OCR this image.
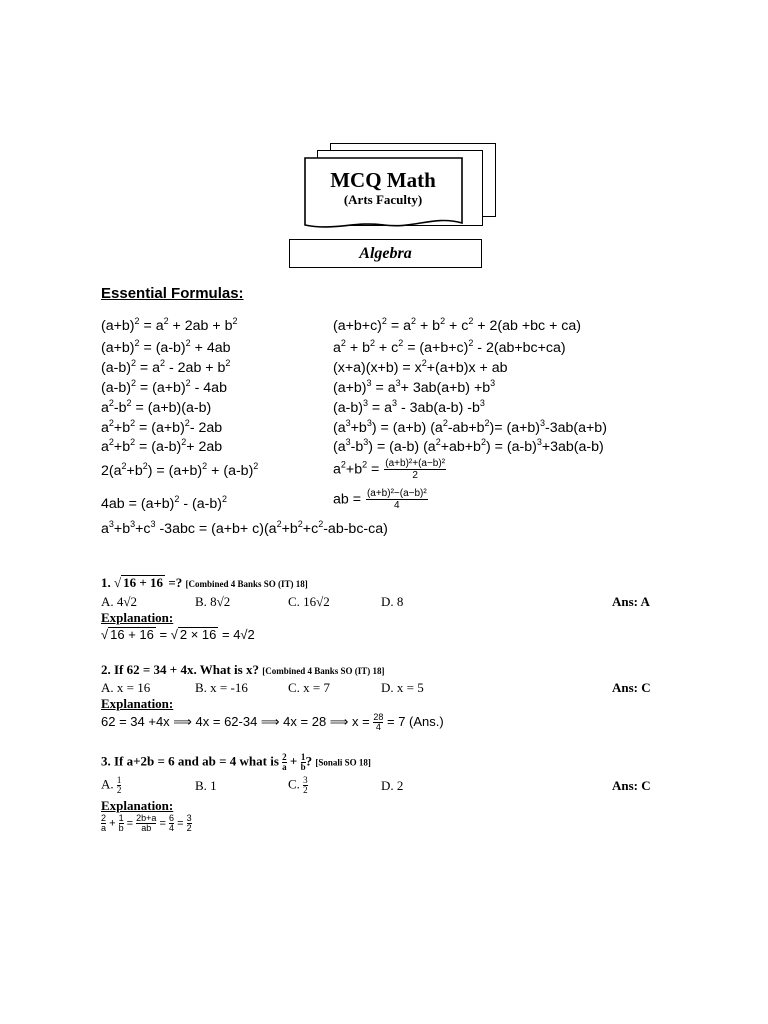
MCQ Math
(Arts Faculty)
Algebra
Essential Formulas:
$(a+b)^2 = a^2 + 2ab + b^2$
$(a+b)^2 = (a-b)^2 + 4ab$
$(a-b)^2 = a^2 - 2ab + b^2$
$(a-b)^2 = (a+b)^2 - 4ab$
$a^2-b^2 = (a+b)(a-b)$
$a^2+b^2 = (a+b)^2-$ 2ab
$a^2+b^2 = (a-b)^2+ 2ab$
$2(a^2+b^2) = (a+b)^2 + (a-b)^2$
$4ab = (a+b)^2 - (a-b)^2$
$(a+b+c)^2 = a^2 + b^2 + c^2 + 2(ab +bc + ca)$
$a^2 + b^2 + c^2 = (a+b+c)^2 - 2(ab+bc+ca)$
$(x+a)(x+b) = x^2+(a+b)x$ + ab
$(a+b)^3 = a^3+ 3ab(a+b) +b^3$
$(a-b)^3 = a^3 - 3ab(a-b)$ $-b^3$
$(a^3+b^3) = (a+b)$ $(a^2-ab+b^2)= (a+b)^3-3ab(a+b)$
$(a^3-b^3) = (a-b) (a^2+ab+b^2) = (a-b)^3+3ab(a-b)$
$a^2+b^2 = \frac{\text{(a+b)²+(a−b)²}}{2}$
ab = $\frac{\text{(a+b)²−(a−b)²}}{4}$
$a^3+b^3+c^3$ $-3abc = (a+b+ c)(a^2+b^2+c^2-ab-bc-ca)$
1. √ 16 + 16 =? [Combined 4 Banks SO (IT) 18]
A. 4√2	B. 8√2	C. 16√2	D. 8	Ans: A
Explanation:
√ 16 + 16 = √ 2 × 16 = 4√2
2. If 62 = 34 + 4x. What is x? [Combined 4 Banks SO (IT) 18]
A. x = 16	B. x = -16	C. x = 7	D. x = 5	Ans: C
Explanation:
62 = 34 +4x ⟹ 4x = 62-34 ⟹ 4x = 28 ⟹ $x = \frac{28}{4} = 7$ (Ans.)
3. If a+2b = 6 and ab = 4 what is $\frac{2}{a} + \frac{1}{b}$ ? [Sonali SO 18]
A. $\frac{1}{2}$	B. 1	C. $\frac{3}{2}$	D. 2	Ans: C
Explanation:
$\frac{2}{a} + \frac{1}{b} = \frac{2b+a}{ab} = \frac{6}{4} = \frac{3}{2}$
